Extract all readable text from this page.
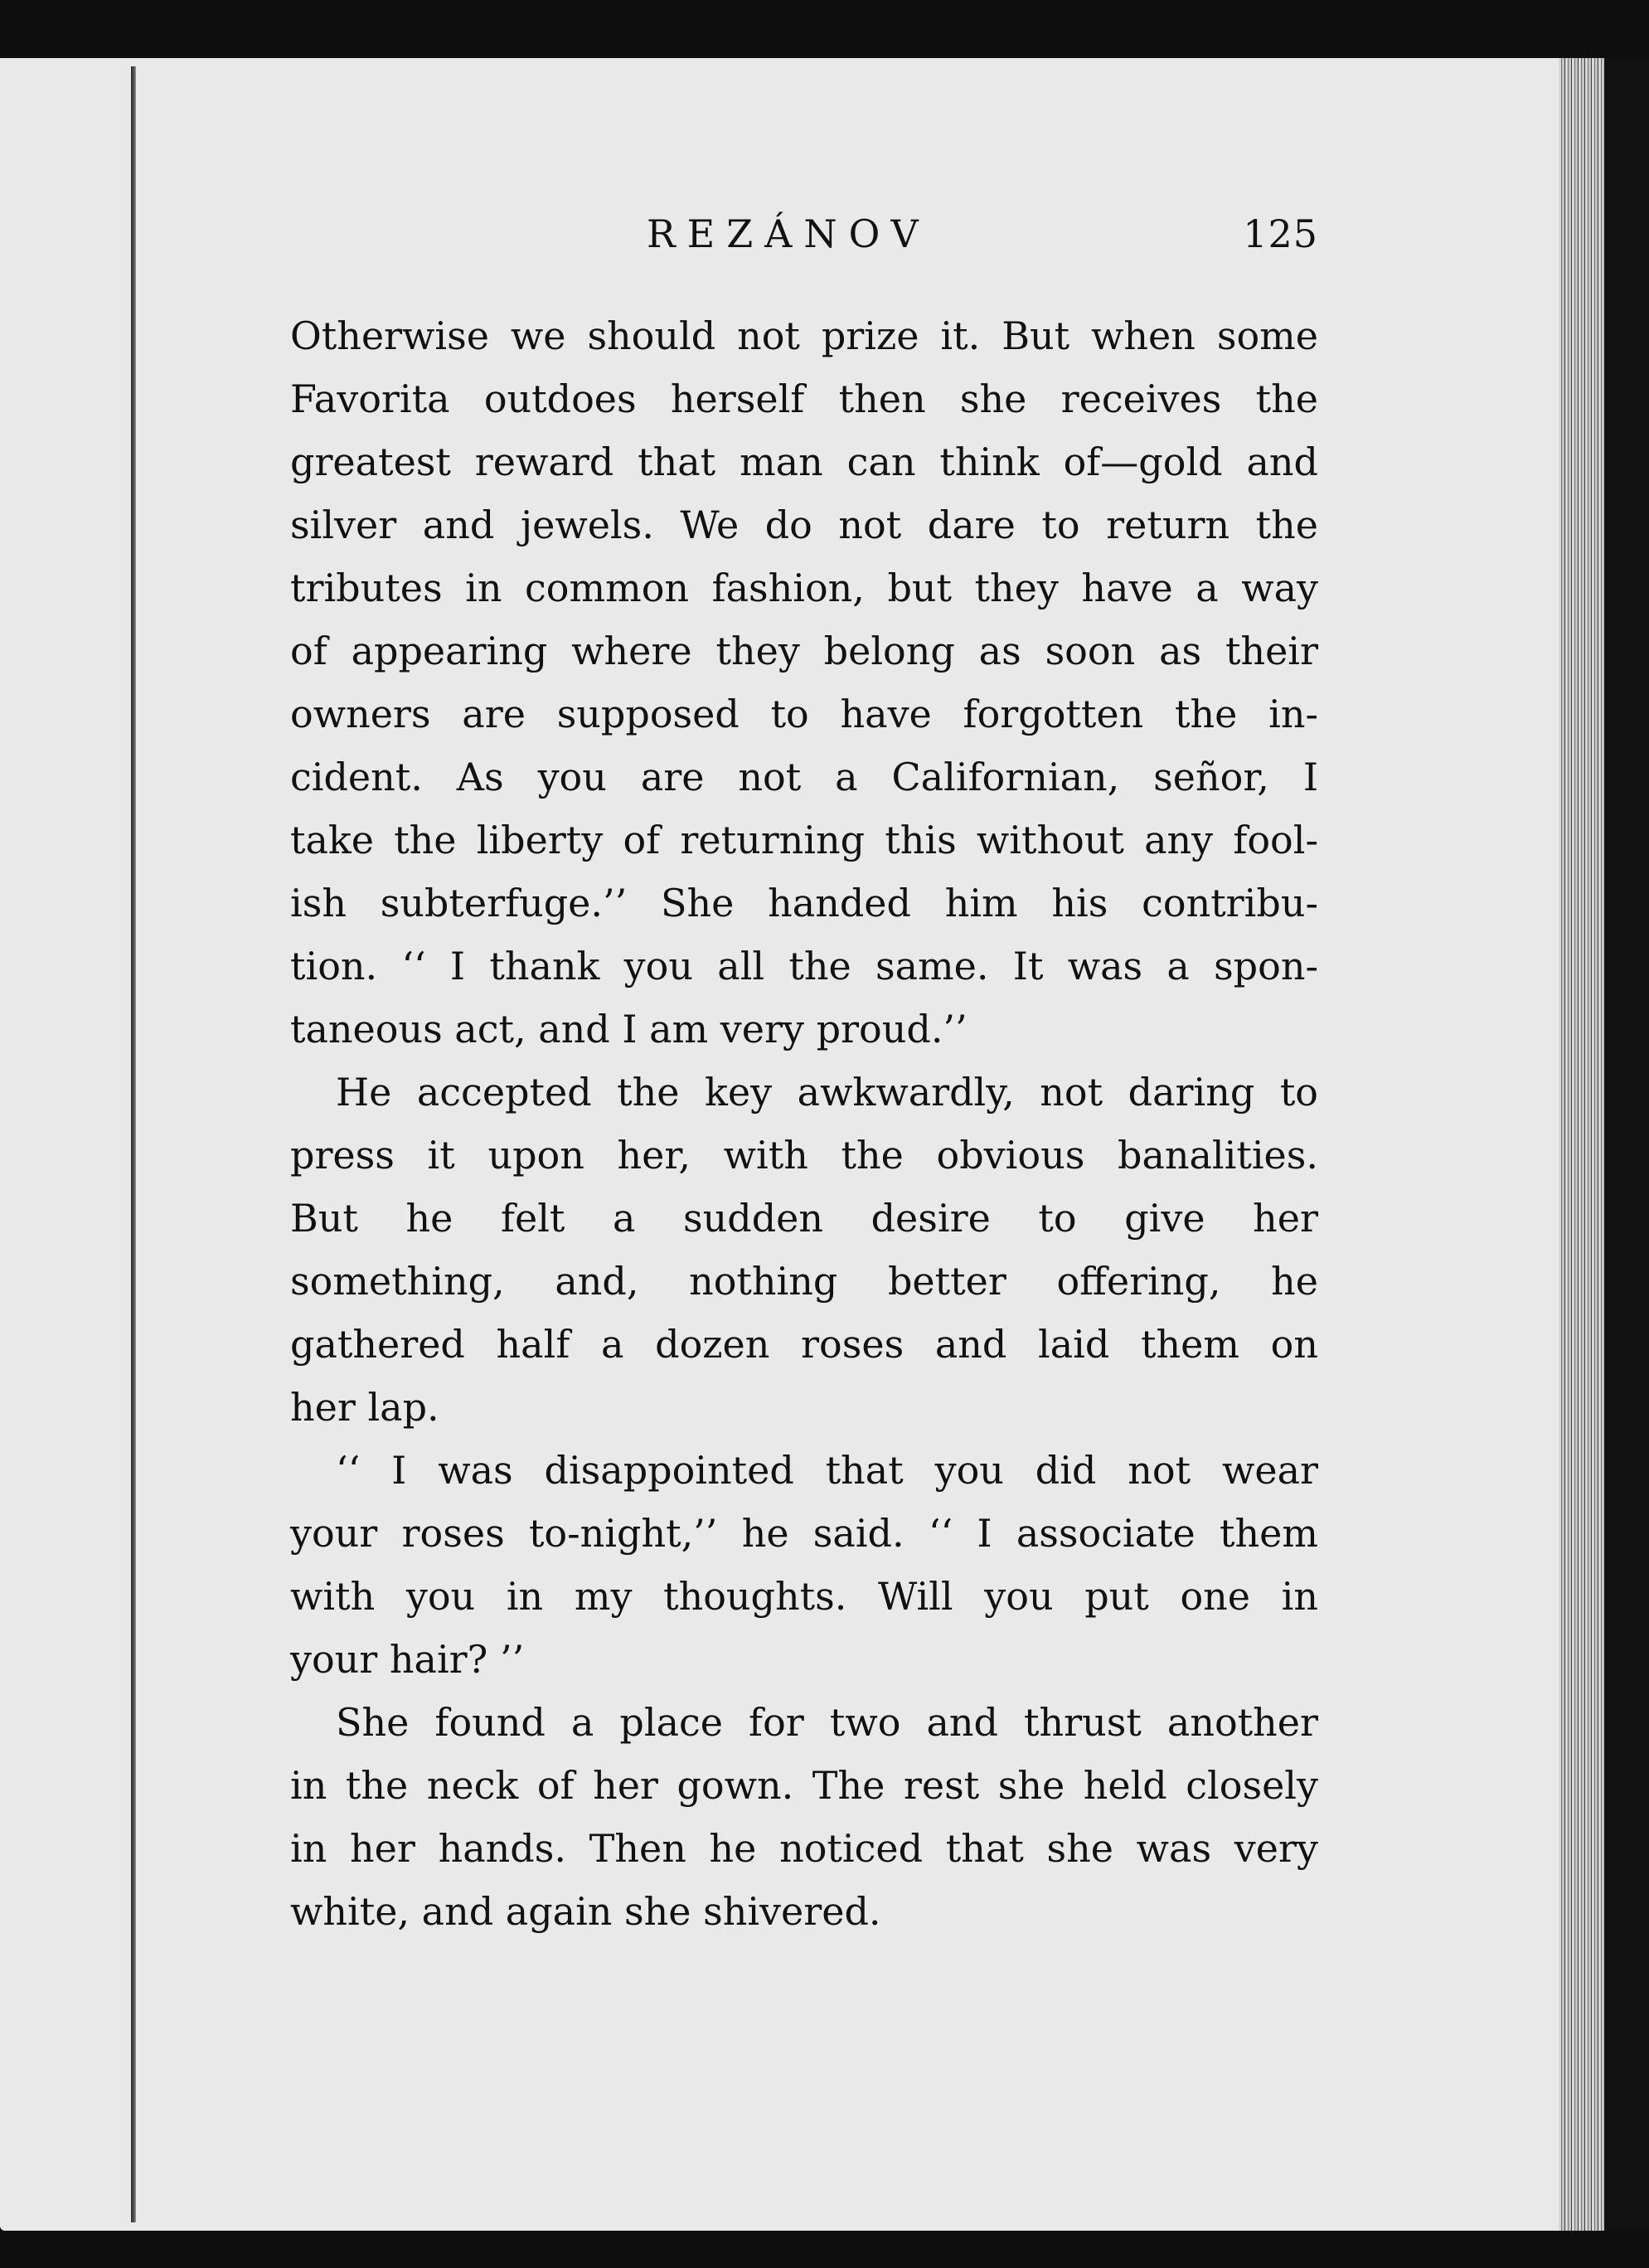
REZÁNOV	125
Otherwise we should not prize it. But when some
Favorita outdoes herself then she receives the
greatest reward that man can think of—gold and
silver and jewels. We do not dare to return the
tributes in common fashion, but they have a way
of appearing where they belong as soon as their
owners are supposed to have forgotten the in-
cident. As you are not a Californian, señor, I
take the liberty of returning this without any fool-
ish subterfuge.’’ She handed him his contribu-
tion. ‘‘ I thank you all the same. It was a spon-
taneous act, and I am very proud.’’
He accepted the key awkwardly, not daring to
press it upon her, with the obvious banalities.
But he felt a sudden desire to give her
something, and, nothing better offering, he
gathered half a dozen roses and laid them on
her lap.
‘‘ I was disappointed that you did not wear
your roses to-night,’’ he said. ‘‘ I associate them
with you in my thoughts. Will you put one in
your hair? ’’
She found a place for two and thrust another
in the neck of her gown. The rest she held closely
in her hands. Then he noticed that she was very
white, and again she shivered.
